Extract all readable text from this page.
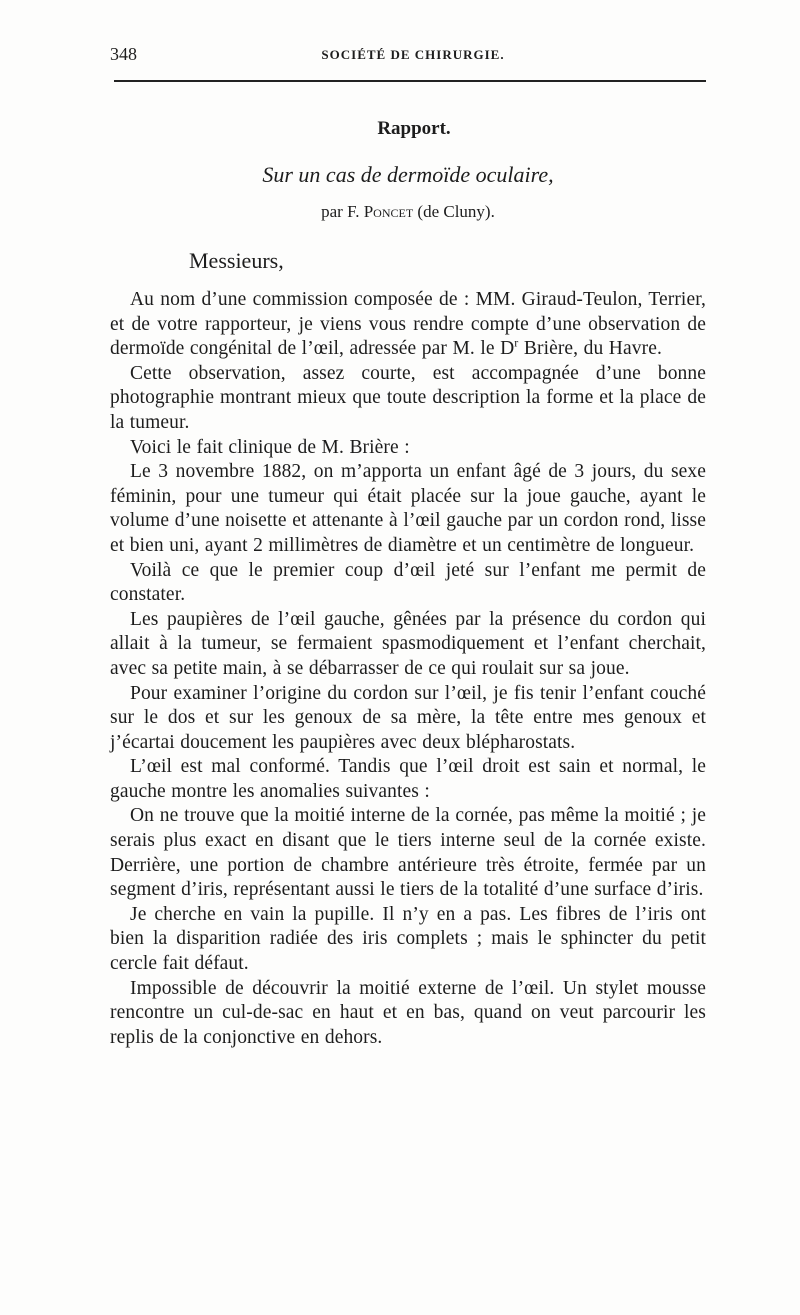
348	SOCIÉTÉ DE CHIRURGIE.
Rapport.
Sur un cas de dermoïde oculaire,
par F. Poncet (de Cluny).
Messieurs,

Au nom d’une commission composée de : MM. Giraud-Teulon, Terrier, et de votre rapporteur, je viens vous rendre compte d’une observation de dermoïde congénital de l’œil, adressée par M. le $D^r$ Brière, du Havre.

Cette observation, assez courte, est accompagnée d’une bonne photographie montrant mieux que toute description la forme et la place de la tumeur.

Voici le fait clinique de M. Brière :

Le 3 novembre 1882, on m’apporta un enfant âgé de 3 jours, du sexe féminin, pour une tumeur qui était placée sur la joue gauche, ayant le volume d’une noisette et attenante à l’œil gauche par un cordon rond, lisse et bien uni, ayant 2 millimètres de diamètre et un centimètre de longueur.

Voilà ce que le premier coup d’œil jeté sur l’enfant me permit de constater.

Les paupières de l’œil gauche, gênées par la présence du cordon qui allait à la tumeur, se fermaient spasmodiquement et l’enfant cherchait, avec sa petite main, à se débarrasser de ce qui roulait sur sa joue.

Pour examiner l’origine du cordon sur l’œil, je fis tenir l’enfant couché sur le dos et sur les genoux de sa mère, la tête entre mes genoux et j’écartai doucement les paupières avec deux blépharostats.

L’œil est mal conformé. Tandis que l’œil droit est sain et normal, le gauche montre les anomalies suivantes :

On ne trouve que la moitié interne de la cornée, pas même la moitié ; je serais plus exact en disant que le tiers interne seul de la cornée existe. Derrière, une portion de chambre antérieure très étroite, fermée par un segment d’iris, représentant aussi le tiers de la totalité d’une surface d’iris.

Je cherche en vain la pupille. Il n’y en a pas. Les fibres de l’iris ont bien la disparition radiée des iris complets ; mais le sphincter du petit cercle fait défaut.

Impossible de découvrir la moitié externe de l’œil. Un stylet mousse rencontre un cul-de-sac en haut et en bas, quand on veut parcourir les replis de la conjonctive en dehors.
